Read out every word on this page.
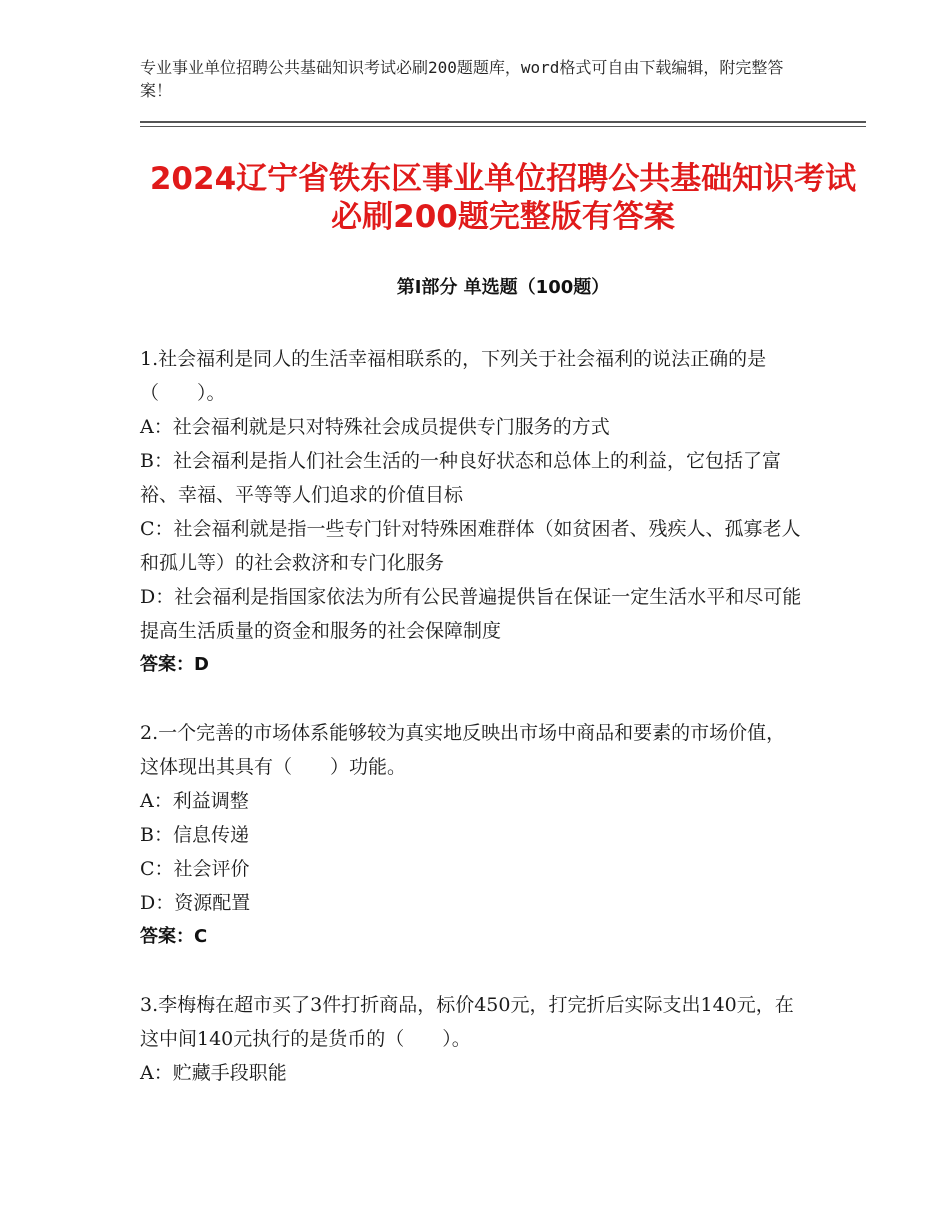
专业事业单位招聘公共基础知识考试必刷200题题库，word格式可自由下载编辑，附完整答案！
2024辽宁省铁东区事业单位招聘公共基础知识考试必刷200题完整版有答案
第Ⅰ部分 单选题（100题）

1.社会福利是同人的生活幸福相联系的，下列关于社会福利的说法正确的是（　　）。

A：社会福利就是只对特殊社会成员提供专门服务的方式

B：社会福利是指人们社会生活的一种良好状态和总体上的利益，它包括了富裕、幸福、平等等人们追求的价值目标

C：社会福利就是指一些专门针对特殊困难群体（如贫困者、残疾人、孤寡老人和孤儿等）的社会救济和专门化服务

D：社会福利是指国家依法为所有公民普遍提供旨在保证一定生活水平和尽可能提高生活质量的资金和服务的社会保障制度

答案：D

2.一个完善的市场体系能够较为真实地反映出市场中商品和要素的市场价值，这体现出其具有（　　）功能。

A：利益调整

B：信息传递

C：社会评价

D：资源配置

答案：C

3.李梅梅在超市买了3件打折商品，标价450元，打完折后实际支出140元，在这中间140元执行的是货币的（　　）。

A：贮藏手段职能
